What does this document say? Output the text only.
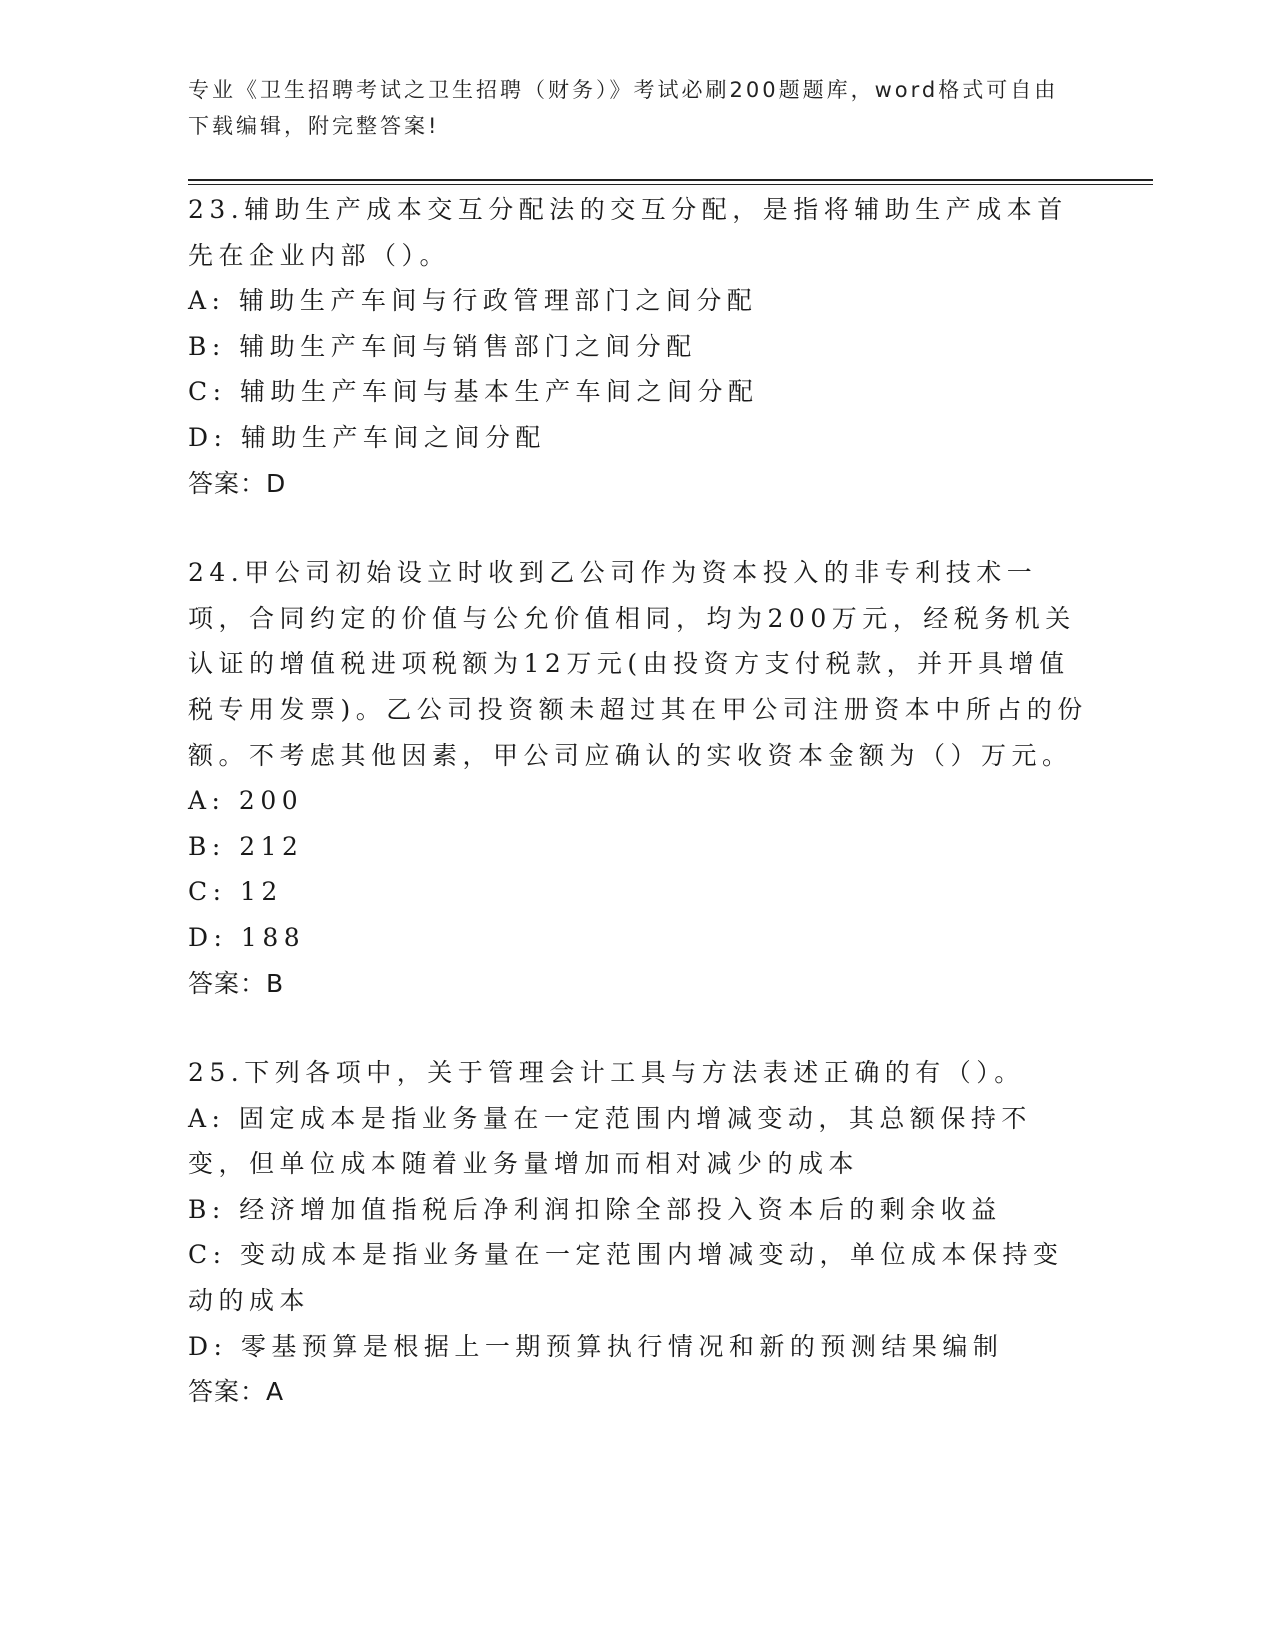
专业《卫生招聘考试之卫生招聘（财务）》考试必刷200题题库，word格式可自由下载编辑，附完整答案!

23.辅助生产成本交互分配法的交互分配，是指将辅助生产成本首先在企业内部（）。

A: 辅助生产车间与行政管理部门之间分配

B: 辅助生产车间与销售部门之间分配

C: 辅助生产车间与基本生产车间之间分配

D: 辅助生产车间之间分配

答案：D

24.甲公司初始设立时收到乙公司作为资本投入的非专利技术一项，合同约定的价值与公允价值相同，均为200万元，经税务机关认证的增值税进项税额为12万元(由投资方支付税款，并开具增值税专用发票)。乙公司投资额未超过其在甲公司注册资本中所占的份额。不考虑其他因素，甲公司应确认的实收资本金额为（）万元。

A: 200

B: 212

C: 12

D: 188

答案：B

25.下列各项中，关于管理会计工具与方法表述正确的有（）。

A: 固定成本是指业务量在一定范围内增减变动，其总额保持不变，但单位成本随着业务量增加而相对减少的成本

B: 经济增加值指税后净利润扣除全部投入资本后的剩余收益

C: 变动成本是指业务量在一定范围内增减变动，单位成本保持变动的成本

D: 零基预算是根据上一期预算执行情况和新的预测结果编制

答案：A
